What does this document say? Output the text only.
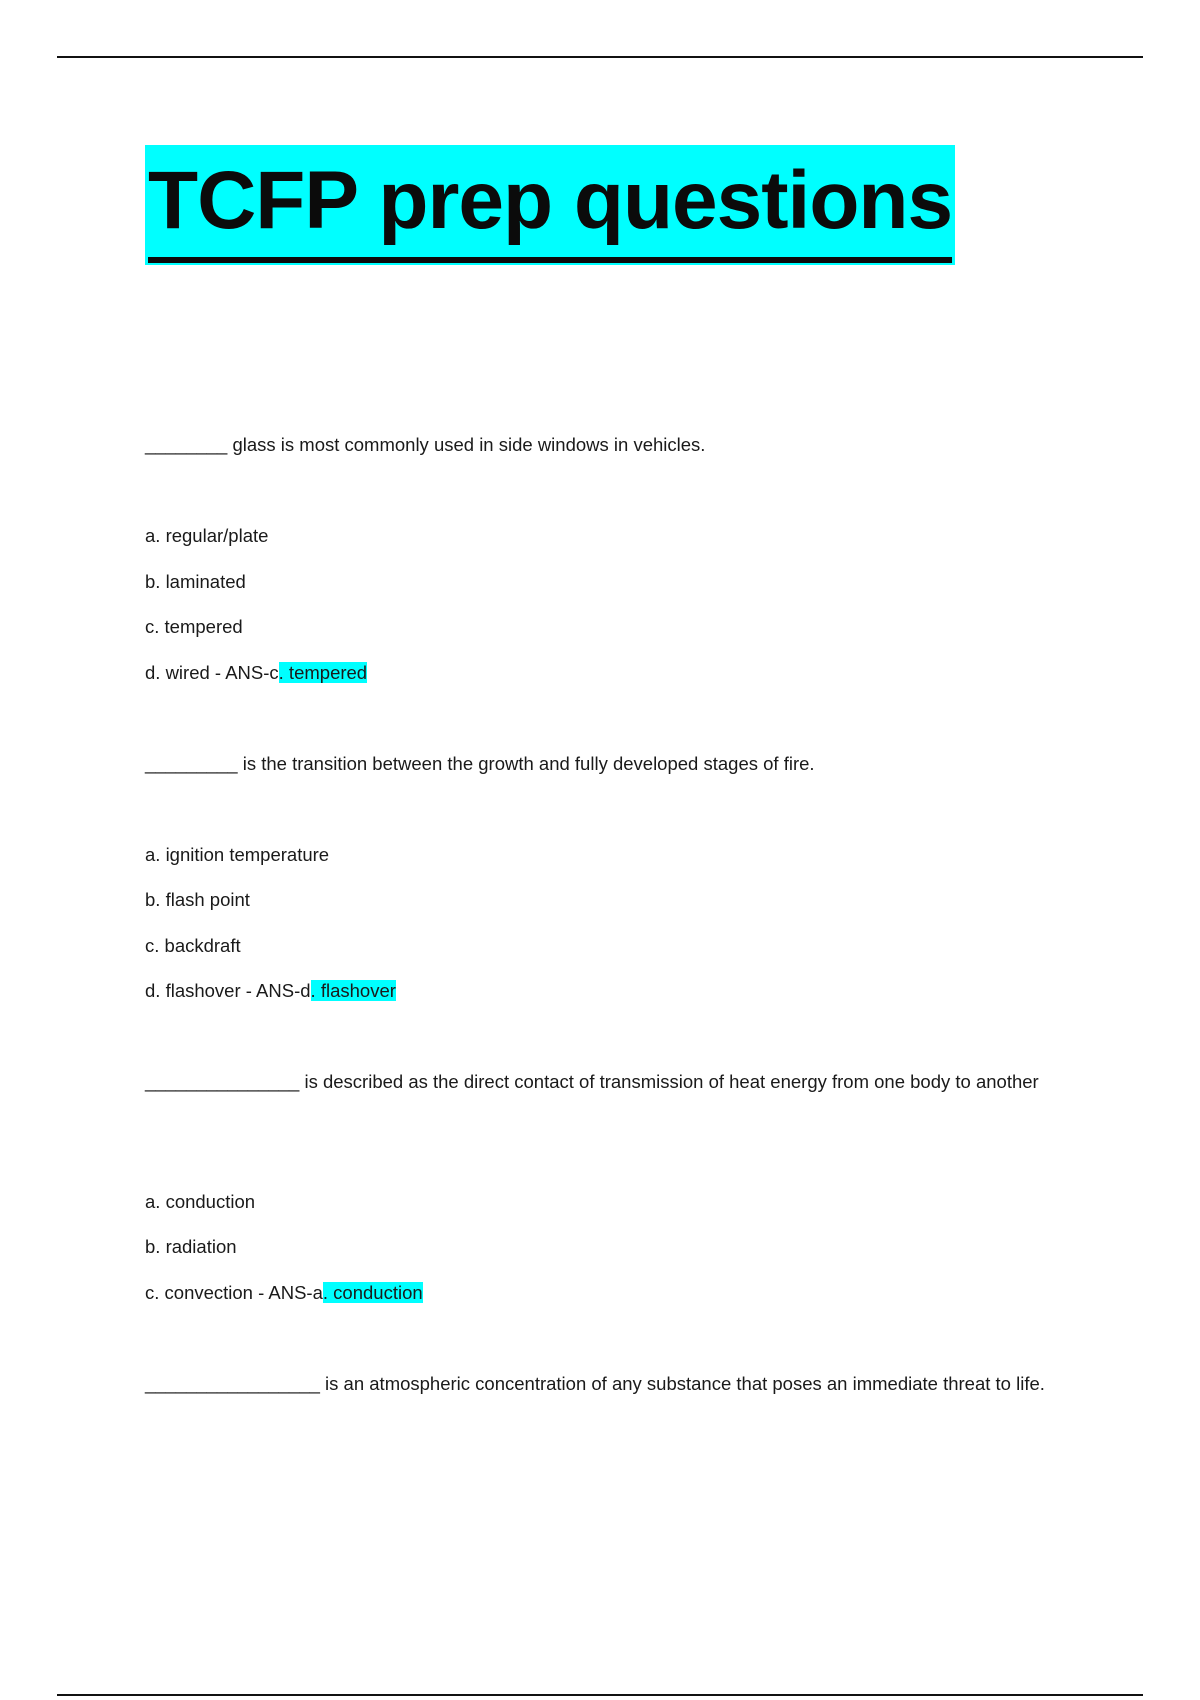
TCFP prep questions
________ glass is most commonly used in side windows in vehicles.
a. regular/plate
b. laminated
c. tempered
d. wired - ANS-c. tempered
_________ is the transition between the growth and fully developed stages of fire.
a. ignition temperature
b. flash point
c. backdraft
d. flashover - ANS-d. flashover
_______________ is described as the direct contact of transmission of heat energy from one body to another
a. conduction
b. radiation
c. convection - ANS-a. conduction
_________________ is an atmospheric concentration of any substance that poses an immediate threat to life.
